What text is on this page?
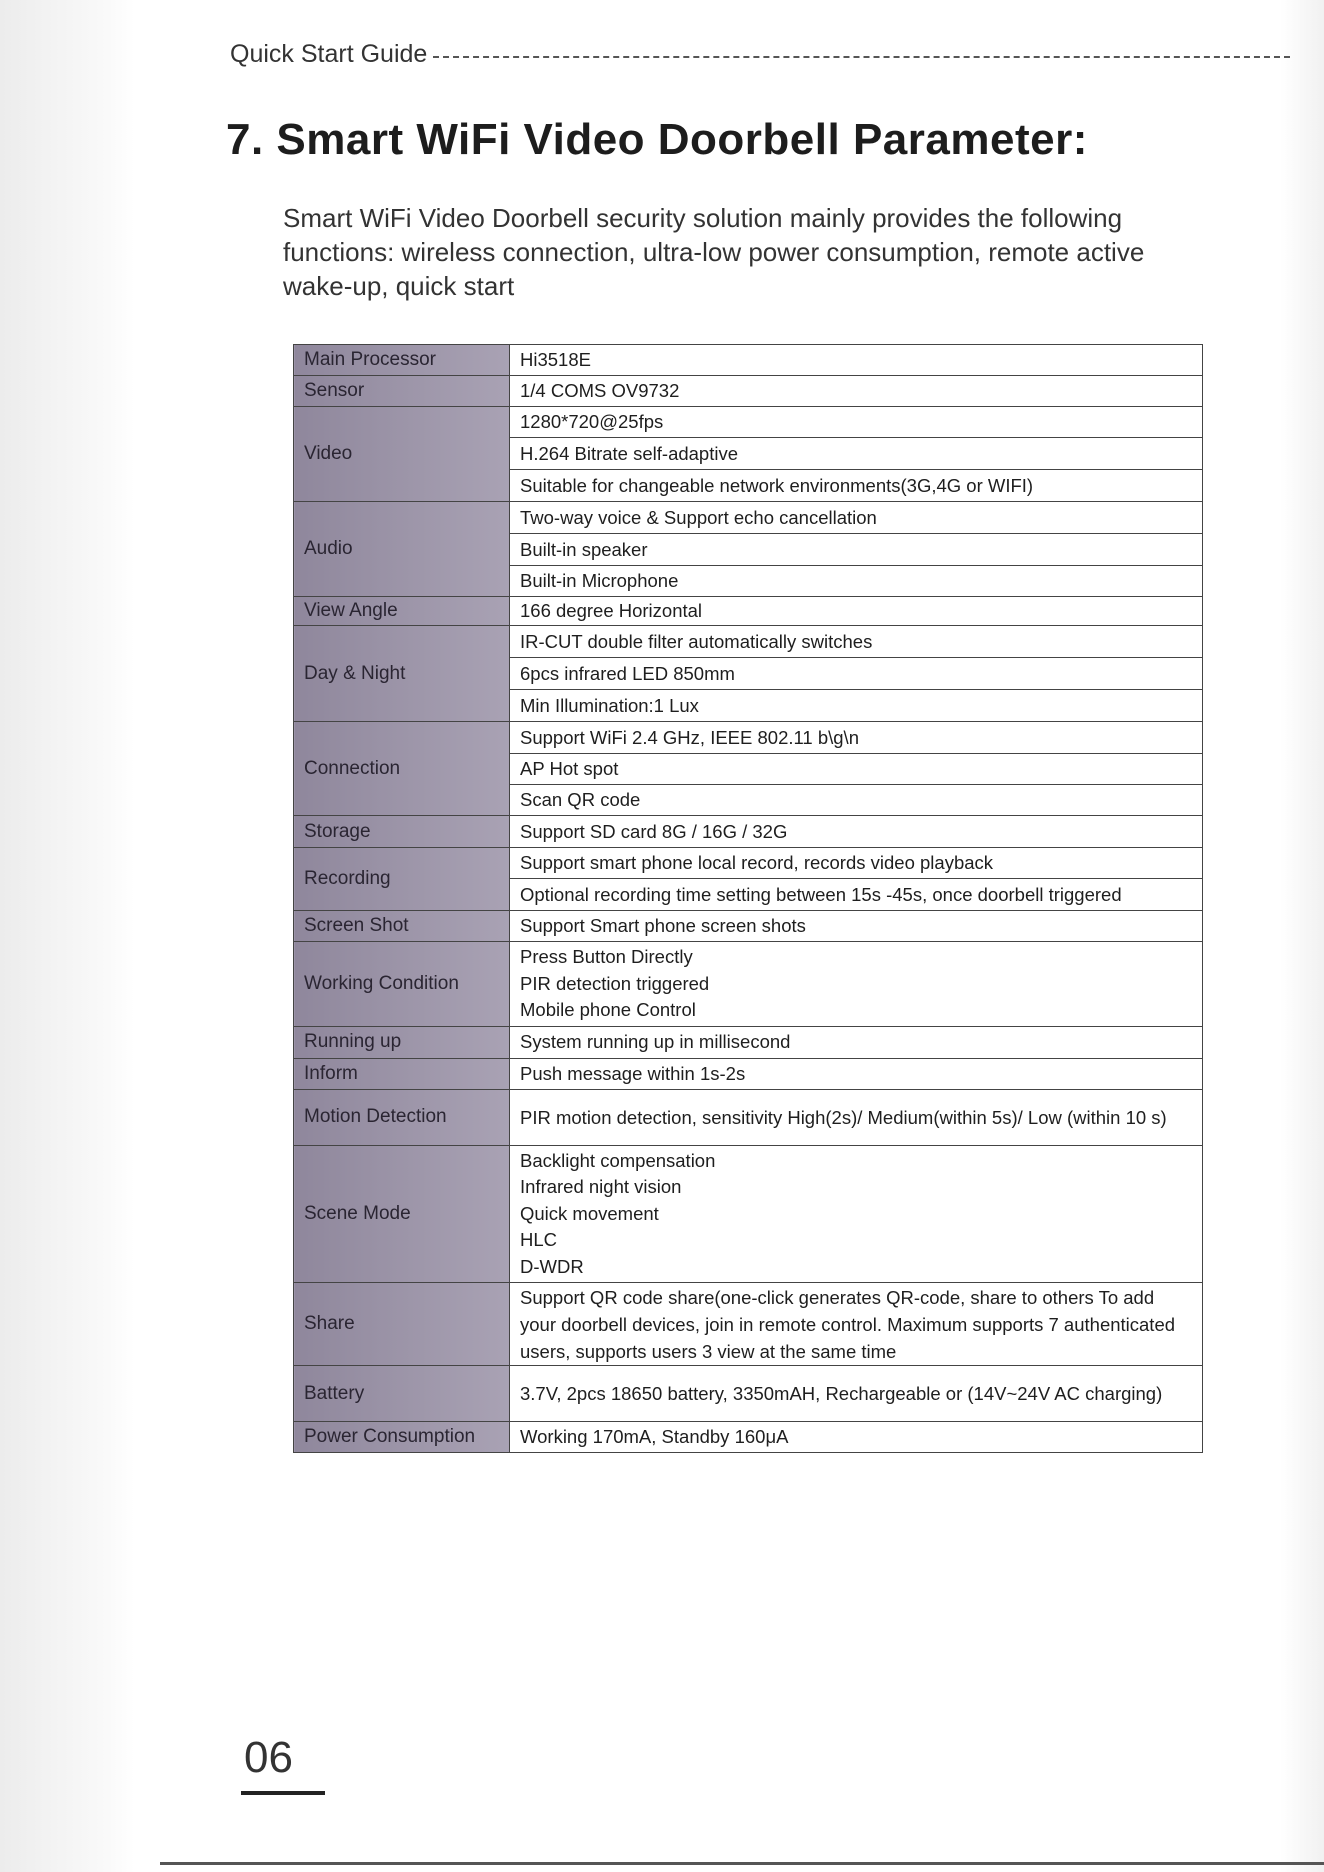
Quick Start Guide
7. Smart WiFi Video Doorbell Parameter:
Smart WiFi Video Doorbell security solution mainly provides the following functions: wireless connection, ultra-low power consumption, remote active wake-up, quick start
Main Processor	Hi3518E
Sensor	1/4 COMS OV9732
Video	1280*720@25fps
	H.264 Bitrate self-adaptive
	Suitable for changeable network environments(3G,4G or WIFI)
Audio	Two-way voice & Support echo cancellation
	Built-in speaker
	Built-in Microphone
View Angle	166 degree Horizontal
Day & Night	IR-CUT double filter automatically switches
	6pcs infrared LED 850mm
	Min Illumination:1 Lux
Connection	Support WiFi 2.4 GHz, IEEE 802.11 b\g\n
	AP Hot spot
	Scan QR code
Storage	Support SD card 8G / 16G / 32G
Recording	Support smart phone local record, records video playback
	Optional recording time setting between 15s -45s, once doorbell triggered
Screen Shot	Support Smart phone screen shots
Working Condition	Press Button Directly
PIR detection triggered
Mobile phone Control

Running up	System running up in millisecond
Inform	Push message within 1s-2s
Motion Detection	PIR motion detection, sensitivity High(2s)/ Medium(within 5s)/ Low (within 10 s)
Scene Mode	Backlight compensation
Infrared night vision
Quick movement
HLC
D-WDR

Share	Support QR code share(one-click generates QR-code, share to others To add your doorbell devices, join in remote control. Maximum supports 7 authenticated users, supports users 3 view at the same time
Battery	3.7V, 2pcs 18650 battery, 3350mAH, Rechargeable or (14V~24V AC charging)
Power Consumption	Working 170mA, Standby 160μA
06
